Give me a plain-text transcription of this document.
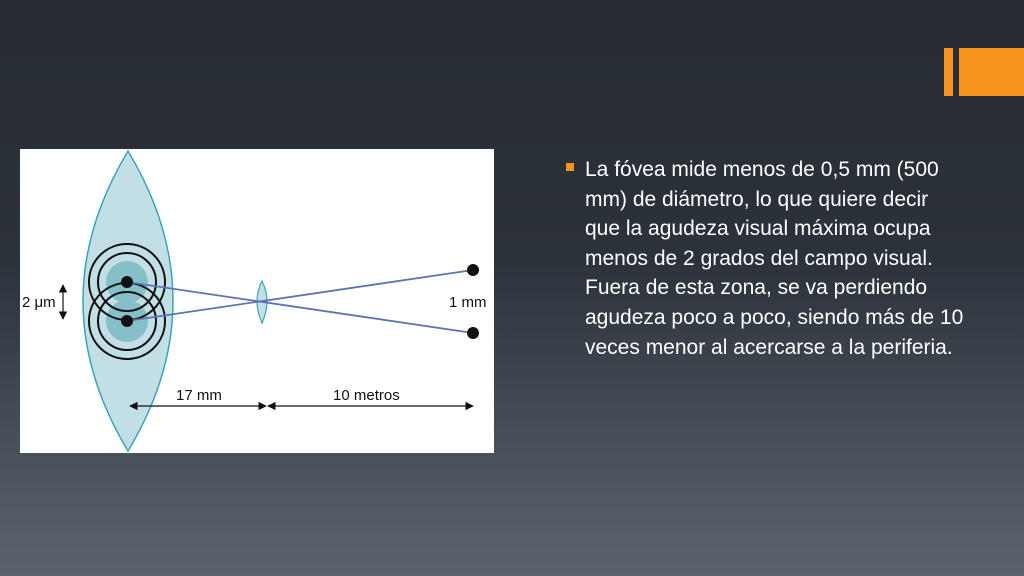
2 μm	1 mm
17 mm	10 metros
La fóvea mide menos de 0,5 mm (500 mm) de diámetro, lo que quiere decir que la agudeza visual máxima ocupa menos de 2 grados del campo visual. Fuera de esta zona, se va perdiendo agudeza poco a poco, siendo más de 10 veces menor al acercarse a la periferia.
